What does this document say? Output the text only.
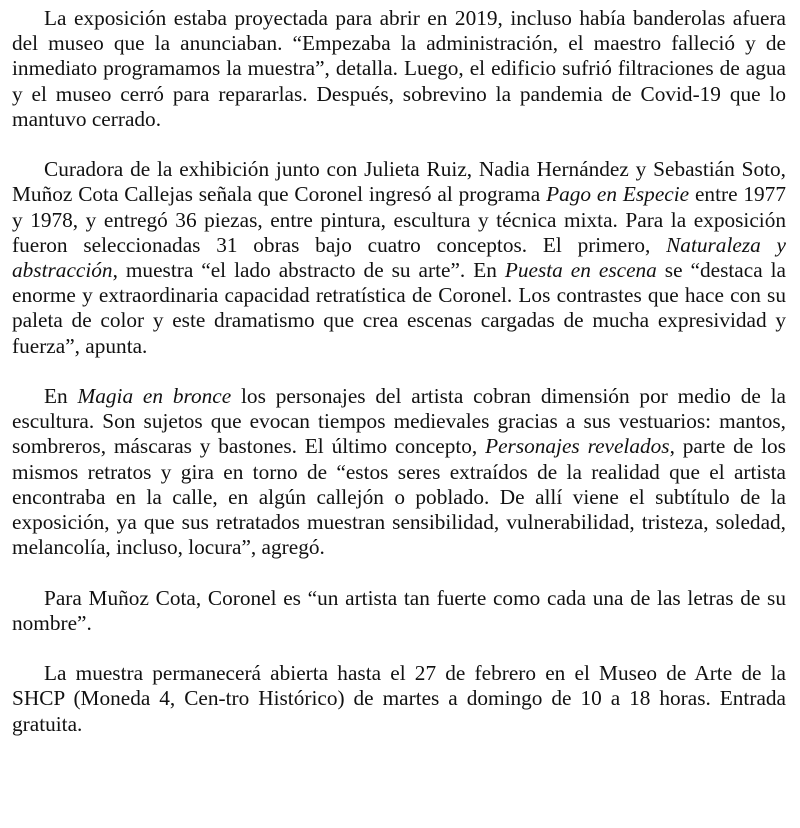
La exposición estaba proyectada para abrir en 2019, incluso había banderolas afuera del museo que la anunciaban. “Empezaba la administración, el maestro falleció y de inmediato programamos la muestra”, detalla. Luego, el edificio sufrió filtraciones de agua y el museo cerró para repararlas. Después, sobrevino la pandemia de Covid-19 que lo mantuvo cerrado.

Curadora de la exhibición junto con Julieta Ruiz, Nadia Hernández y Sebastián Soto, Muñoz Cota Callejas señala que Coronel ingresó al programa Pago en Especie entre 1977 y 1978, y entregó 36 piezas, entre pintura, escultura y técnica mixta. Para la exposición fueron seleccionadas 31 obras bajo cuatro conceptos. El primero, Naturaleza y abstracción, muestra “el lado abstracto de su arte”. En Puesta en escena se “destaca la enorme y extraordinaria capacidad retratística de Coronel. Los contrastes que hace con su paleta de color y este dramatismo que crea escenas cargadas de mucha expresividad y fuerza”, apunta.

En Magia en bronce los personajes del artista cobran dimensión por medio de la escultura. Son sujetos que evocan tiempos medievales gracias a sus vestuarios: mantos, sombreros, máscaras y bastones. El último concepto, Personajes revelados, parte de los mismos retratos y gira en torno de “estos seres extraídos de la realidad que el artista encontraba en la calle, en algún callejón o poblado. De allí viene el subtítulo de la exposición, ya que sus retratados muestran sensibilidad, vulnerabilidad, tristeza, soledad, melancolía, incluso, locura”, agregó.

Para Muñoz Cota, Coronel es “un artista tan fuerte como cada una de las letras de su nombre”.

La muestra permanecerá abierta hasta el 27 de febrero en el Museo de Arte de la SHCP (Moneda 4, Cen-tro Histórico) de martes a domingo de 10 a 18 horas. Entrada gratuita.
